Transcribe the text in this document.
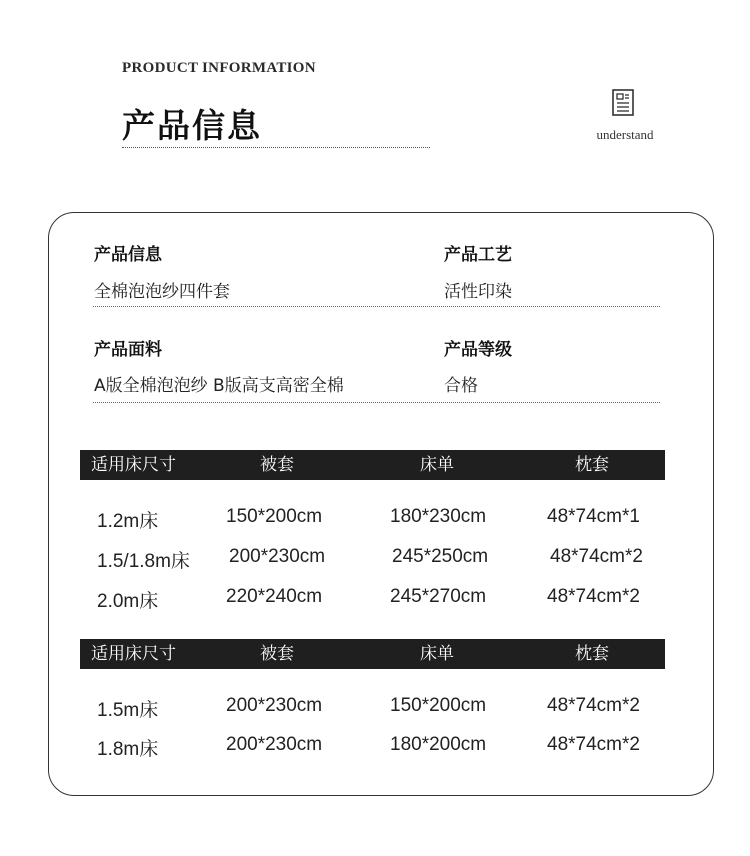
PRODUCT INFORMATION
产品信息	understand
产品信息
全棉泡泡纱四件套
产品工艺
活性印染
产品面料
A版全棉泡泡纱 B版高支高密全棉
产品等级
合格
适用床尺寸	被套	床单	枕套
1.2m床	150*200cm	180*230cm	48*74cm*1
1.5/1.8m床 200*230cm	245*250cm	48*74cm*2
2.0m床	220*240cm	245*270cm	48*74cm*2
适用床尺寸	被套	床单	枕套
1.5m床	200*230cm	150*200cm	48*74cm*2
1.8m床	200*230cm	180*200cm	48*74cm*2
